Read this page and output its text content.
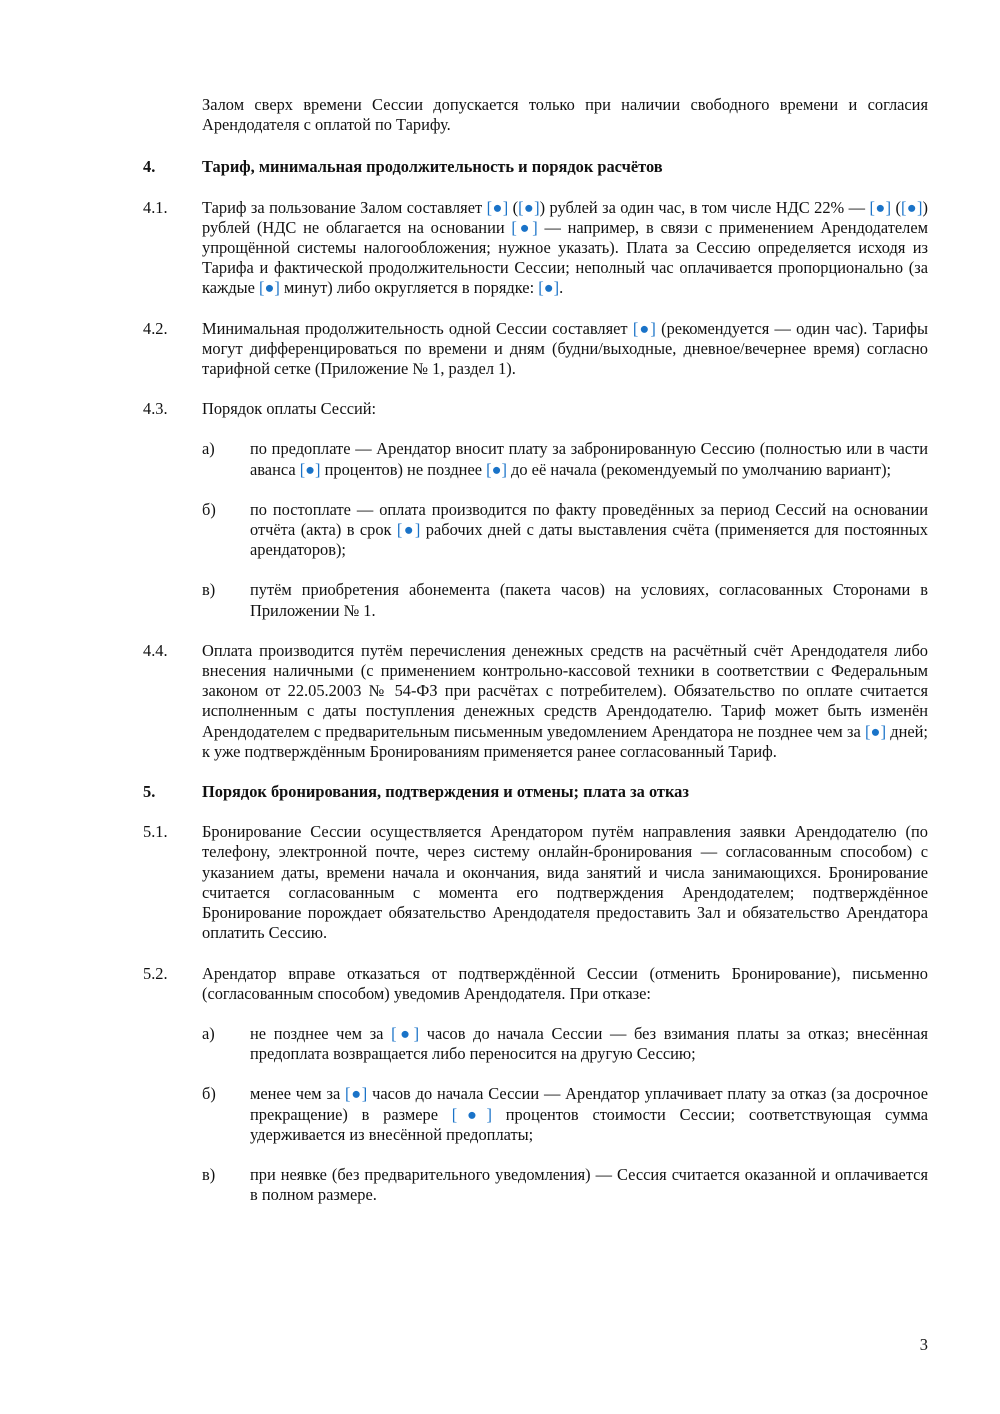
Залом сверх времени Сессии допускается только при наличии свободного времени и согласия Арендодателя с оплатой по Тарифу.

4.	Тариф, минимальная продолжительность и порядок расчётов
4.1.	Тариф за пользование Залом составляет [●] ([●]) рублей за один час, в том числе НДС 22% — [●] ([●]) рублей (НДС не облагается на основании [●] — например, в связи с применением Арендодателем упрощённой системы налогообложения; нужное указать). Плата за Сессию определяется исходя из Тарифа и фактической продолжительности Сессии; неполный час оплачивается пропорционально (за каждые [●] минут) либо округляется в порядке: [●].
4.2.	Минимальная продолжительность одной Сессии составляет [●] (рекомендуется — один час). Тарифы могут дифференцироваться по времени и дням (будни/выходные, дневное/вечернее время) согласно тарифной сетке (Приложение № 1, раздел 1).
4.3.	Порядок оплаты Сессий:
а)	по предоплате — Арендатор вносит плату за забронированную Сессию (полностью или в части аванса [●] процентов) не позднее [●] до её начала (рекомендуемый по умолчанию вариант);
б)	по постоплате — оплата производится по факту проведённых за период Сессий на основании отчёта (акта) в срок [●] рабочих дней с даты выставления счёта (применяется для постоянных арендаторов);
в)	путём приобретения абонемента (пакета часов) на условиях, согласованных Сторонами в Приложении № 1.
4.4.	Оплата производится путём перечисления денежных средств на расчётный счёт Арендодателя либо внесения наличными (с применением контрольно-кассовой техники в соответствии с Федеральным законом от 22.05.2003 № 54-ФЗ при расчётах с потребителем). Обязательство по оплате считается исполненным с даты поступления денежных средств Арендодателю. Тариф может быть изменён Арендодателем с предварительным письменным уведомлением Арендатора не позднее чем за [●] дней; к уже подтверждённым Бронированиям применяется ранее согласованный Тариф.
5.	Порядок бронирования, подтверждения и отмены; плата за отказ
5.1.	Бронирование Сессии осуществляется Арендатором путём направления заявки Арендодателю (по телефону, электронной почте, через систему онлайн-бронирования — согласованным способом) с указанием даты, времени начала и окончания, вида занятий и числа занимающихся. Бронирование считается согласованным с момента его подтверждения Арендодателем; подтверждённое Бронирование порождает обязательство Арендодателя предоставить Зал и обязательство Арендатора оплатить Сессию.
5.2.	Арендатор вправе отказаться от подтверждённой Сессии (отменить Бронирование), письменно (согласованным способом) уведомив Арендодателя. При отказе:
а)	не позднее чем за [●] часов до начала Сессии — без взимания платы за отказ; внесённая предоплата возвращается либо переносится на другую Сессию;
б)	менее чем за [●] часов до начала Сессии — Арендатор уплачивает плату за отказ (за досрочное прекращение) в размере [●] процентов стоимости Сессии; соответствующая сумма удерживается из внесённой предоплаты;
в)	при неявке (без предварительного уведомления) — Сессия считается оказанной и оплачивается в полном размере.
3
